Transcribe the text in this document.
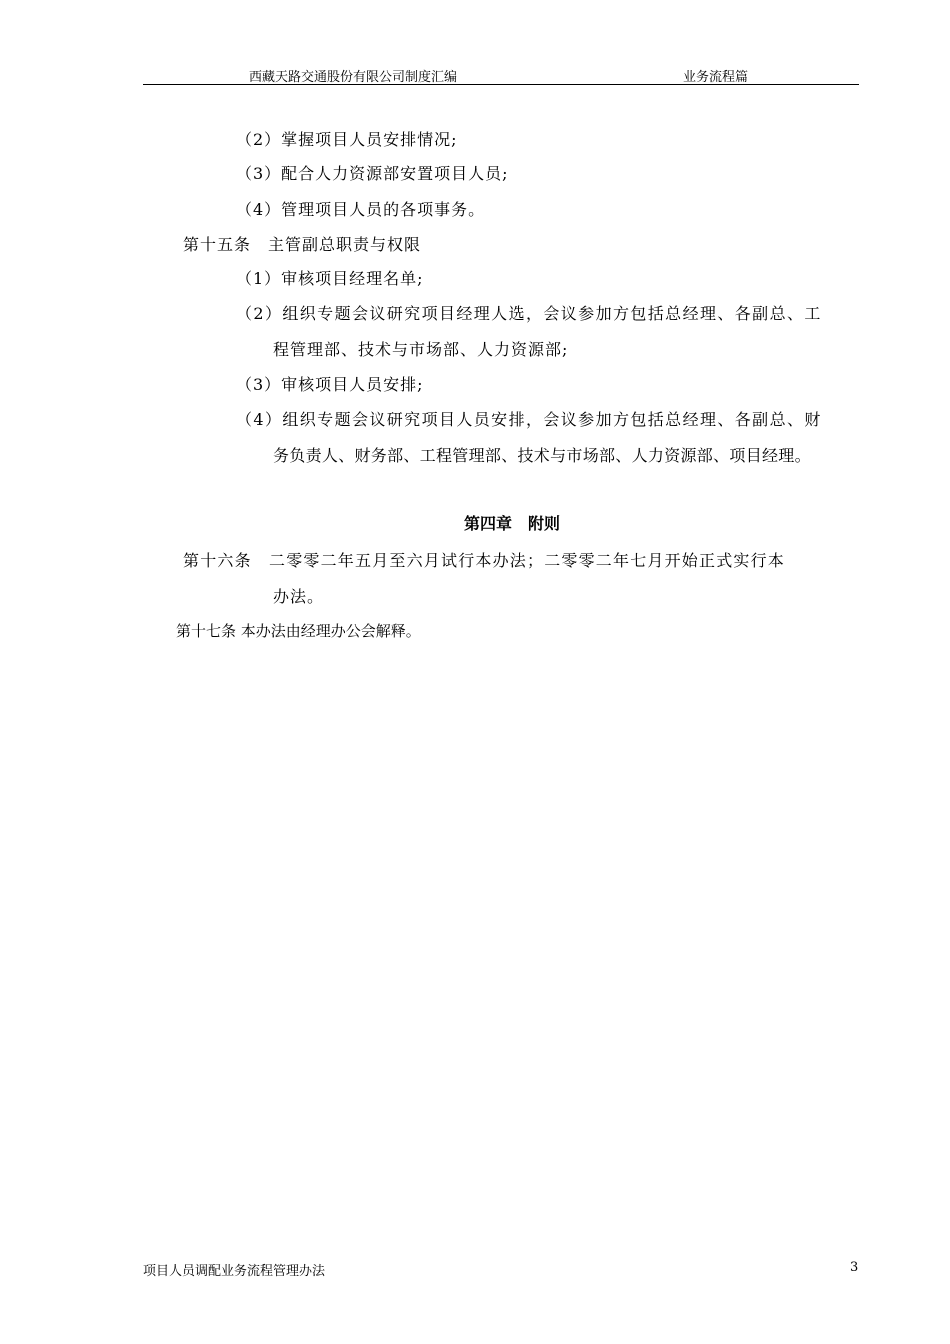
西藏天路交通股份有限公司制度汇编	业务流程篇
（2）掌握项目人员安排情况;
（3）配合人力资源部安置项目人员;
（4）管理项目人员的各项事务。
第十五条　主管副总职责与权限
（1）审核项目经理名单;
（2）组织专题会议研究项目经理人选，会议参加方包括总经理、各副总、工
程管理部、技术与市场部、人力资源部;
（3）审核项目人员安排;
（4）组织专题会议研究项目人员安排，会议参加方包括总经理、各副总、财
务负责人、财务部、工程管理部、技术与市场部、人力资源部、项目经理。
第四章　附则
第十六条　二零零二年五月至六月试行本办法；二零零二年七月开始正式实行本
办法。
第十七条 本办法由经理办公会解释。
项目人员调配业务流程管理办法	3
